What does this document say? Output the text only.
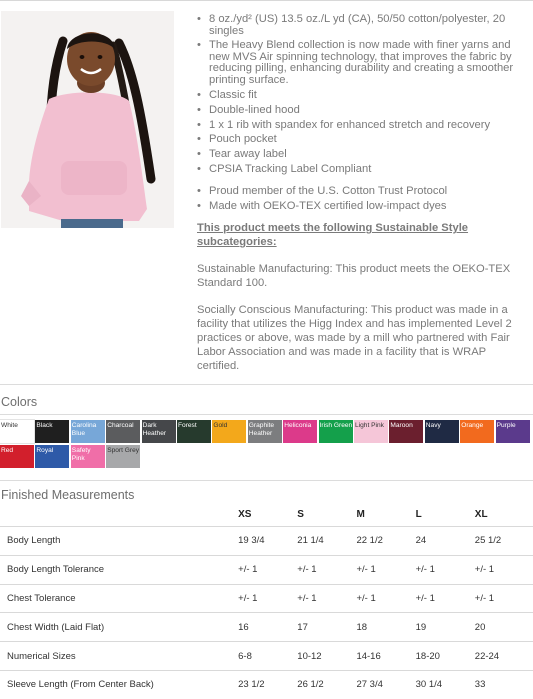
• 8 oz./yd² (US) 13.5 oz./L yd (CA), 50/50 cotton/polyester, 20 singles
• The Heavy Blend collection is now made with finer yarns and new MVS Air spinning technology, that improves the fabric by reducing pilling, enhancing durability and creating a smoother printing surface.
• Classic fit
• Double-lined hood
• 1 x 1 rib with spandex for enhanced stretch and recovery
• Pouch pocket
• Tear away label
• CPSIA Tracking Label Compliant
• Proud member of the U.S. Cotton Trust Protocol
• Made with OEKO-TEX certified low-impact dyes
This product meets the following Sustainable Style subcategories:

Sustainable Manufacturing: This product meets the OEKO-TEX Standard 100.

Socially Conscious Manufacturing: This product was made in a facility that utilizes the Higg Index and has implemented Level 2 practices or above, was made by a mill who partnered with Fair Labor Association and was made in a facility that is WRAP certified.

Colors
White	Black	Carolina Blue
Charcoal	Dark Heather
Forest	Gold	Graphite Heather
Heliconia	Irish Green Light Pink Maroon	Navy	Orange	Purple
Red	Royal	Safety Pink
Sport Grey
Finished Measurements
	XS	S	M	L	XL
Body Length	19 3/4	21 1/4	22 1/2	24	25 1/2
Body Length Tolerance	+/- 1	+/- 1	+/- 1	+/- 1	+/- 1
Chest Tolerance	+/- 1	+/- 1	+/- 1	+/- 1	+/- 1
Chest Width (Laid Flat)	16	17	18	19	20
Numerical Sizes	6-8	10-12	14-16	18-20	22-24
Sleeve Length (From Center Back)	23 1/2	26 1/2	27 3/4	30 1/4	33
